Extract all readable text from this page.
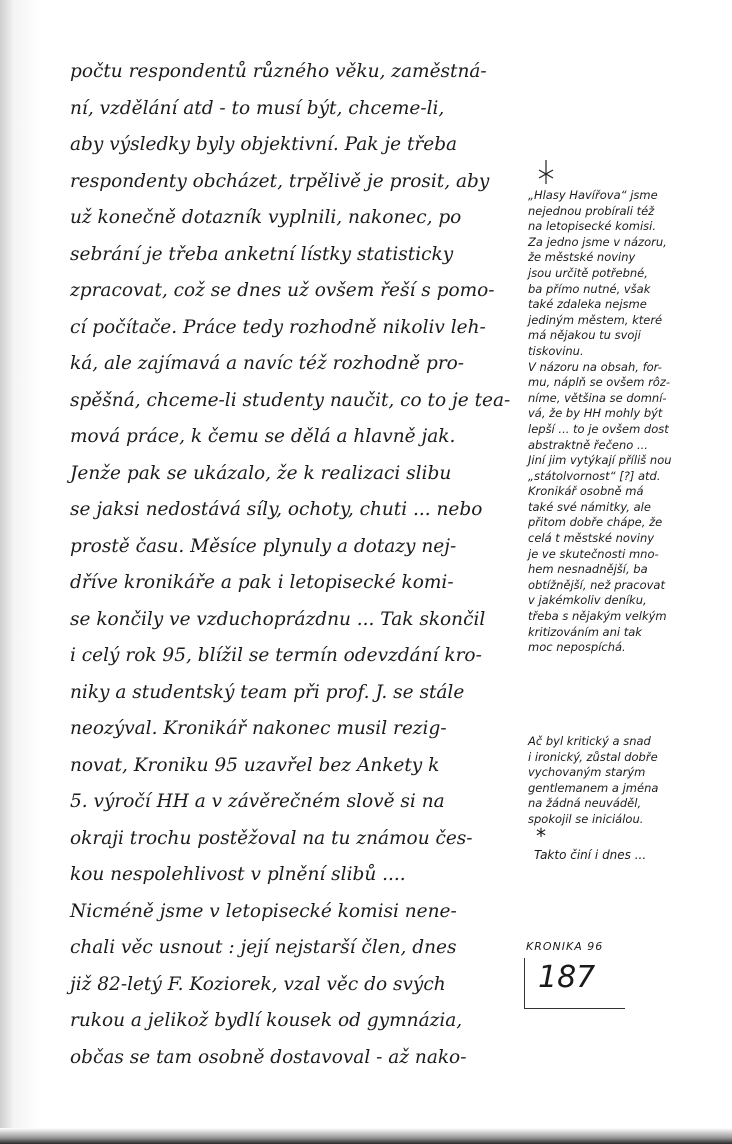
počtu respondentů různého věku, zaměstná-
ní, vzdělání atd - to musí být, chceme-li,
aby výsledky byly objektivní. Pak je třeba
respondenty obcházet, trpělivě je prosit, aby
už konečně dotazník vyplnili, nakonec, po
sebrání je třeba anketní lístky statisticky
zpracovat, což se dnes už ovšem řeší s pomo-
cí počítače. Práce tedy rozhodně nikoliv leh-
ká, ale zajímavá a navíc též rozhodně pro-
spěšná, chceme-li studenty naučit, co to je tea-
mová práce, k čemu se dělá a hlavně jak.
Jenže pak se ukázalo, že k realizaci slibu
se jaksi nedostává síly, ochoty, chuti ... nebo
prostě času. Měsíce plynuly a dotazy nej-
dříve kronikáře a pak i letopisecké komi-
se končily ve vzduchoprázdnu ... Tak skončil
i celý rok 95, blížil se termín odevzdání kro-
niky a studentský team při prof. J. se stále
neozýval. Kronikář nakonec musil rezig-
novat, Kroniku 95 uzavřel bez Ankety k
5. výročí HH a v závěrečném slově si na
okraji trochu postěžoval na tu známou čes-
kou nespolehlivost v plnění slibů ....
Nicméně jsme v letopisecké komisi nene-
chali věc usnout : její nejstarší člen, dnes
již 82-letý F. Koziorek, vzal věc do svých
rukou a jelikož bydlí kousek od gymnázia,
občas se tam osobně dostavoval - až nako-
„Hlasy Havířova“ jsme
nejednou probírali též
na letopisecké komisi.
Za jedno jsme v názoru,
že městské noviny
jsou určitě potřebné,
ba přímo nutné, však
také zdaleka nejsme
jediným městem, které
má nějakou tu svoji
tiskovinu.
V názoru na obsah, for-
mu, náplň se ovšem rôz-
níme, většina se domní-
vá, že by HH mohly být
lepší ... to je ovšem dost
abstraktně řečeno ...
Jiní jim vytýkají příliš nou
„státolvornost“ [?] atd.
Kronikář osobně má
také své námitky, ale
přitom dobře chápe, že
celá t městské noviny
je ve skutečnosti mno-
hem nesnadnější, ba
obtížnější, než pracovat
v jakémkoliv deníku,
třeba s nějakým velkým
kritizováním ani tak
moc nepospíchá.
Ač byl kritický a snad
i ironický, zůstal dobře
vychovaným starým
gentlemanem a jména
na žádná neuváděl,
spokojil se iniciálou.
*
Takto činí i dnes ...
KRONIKA 96
187
